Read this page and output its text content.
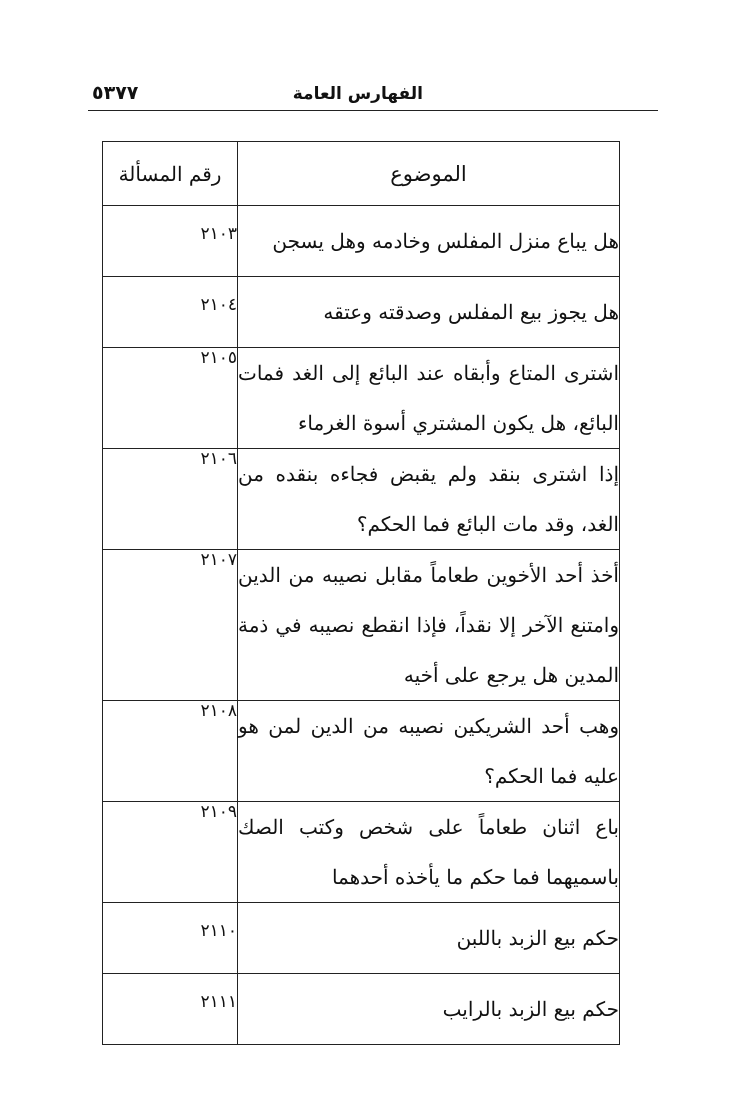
الفهارس العامة
٥٣٧٧
الموضوع	رقم المسألة
هل يباع منزل المفلس وخادمه وهل يسجن	٢١٠٣
هل يجوز بيع المفلس وصدقته وعتقه	٢١٠٤
اشترى المتاع وأبقاه عند البائع إلى الغد فمات البائع، هل يكون المشتري أسوة الغرماء	٢١٠٥
إذا اشترى بنقد ولم يقبض فجاءه بنقده من الغد، وقد مات البائع فما الحكم؟	٢١٠٦
أخذ أحد الأخوين طعاماً مقابل نصيبه من الدين وامتنع الآخر إلا نقداً، فإذا انقطع نصيبه في ذمة المدين هل يرجع على أخيه	٢١٠٧
وهب أحد الشريكين نصيبه من الدين لمن هو عليه فما الحكم؟	٢١٠٨
باع اثنان طعاماً على شخص وكتب الصك باسميهما فما حكم ما يأخذه أحدهما	٢١٠٩
حكم بيع الزبد باللبن	٢١١٠
حكم بيع الزبد بالرايب	٢١١١
